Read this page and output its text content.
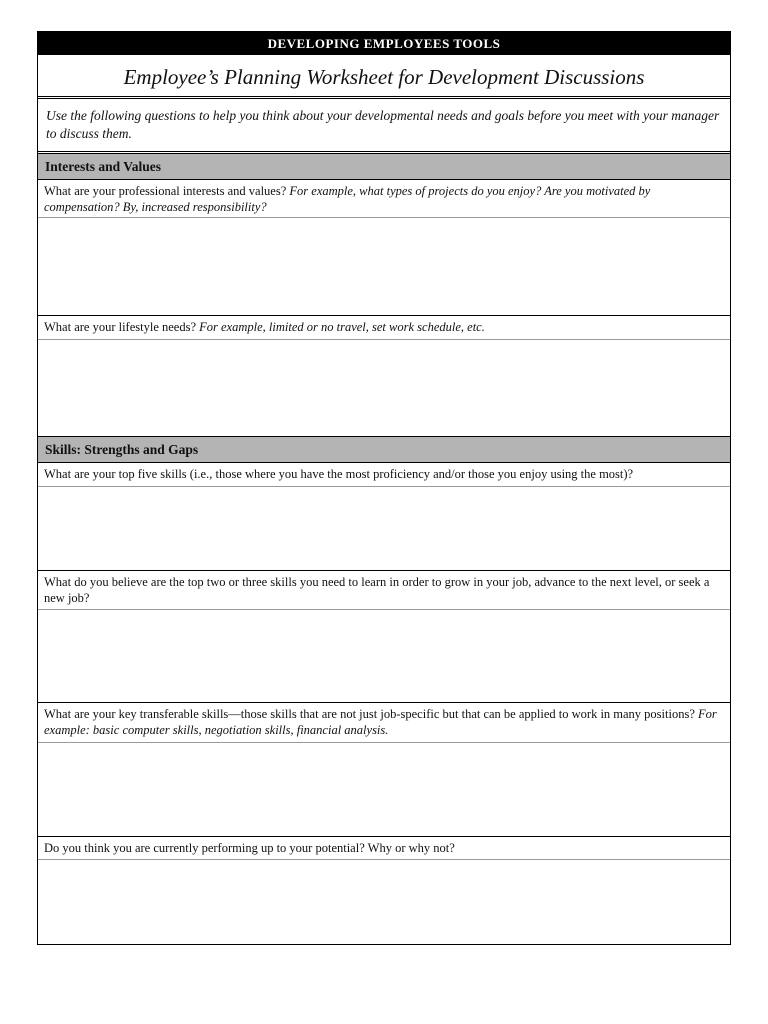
DEVELOPING EMPLOYEES TOOLS
Employee’s Planning Worksheet for Development Discussions
Use the following questions to help you think about your developmental needs and goals before you meet with your manager to discuss them.
Interests and Values
What are your professional interests and values? For example, what types of projects do you enjoy? Are you motivated by compensation? By, increased responsibility?
What are your lifestyle needs? For example, limited or no travel, set work schedule, etc.
Skills: Strengths and Gaps
What are your top five skills (i.e., those where you have the most proficiency and/or those you enjoy using the most)?
What do you believe are the top two or three skills you need to learn in order to grow in your job, advance to the next level, or seek a new job?
What are your key transferable skills—those skills that are not just job-specific but that can be applied to work in many positions? For example: basic computer skills, negotiation skills, financial analysis.
Do you think you are currently performing up to your potential? Why or why not?
